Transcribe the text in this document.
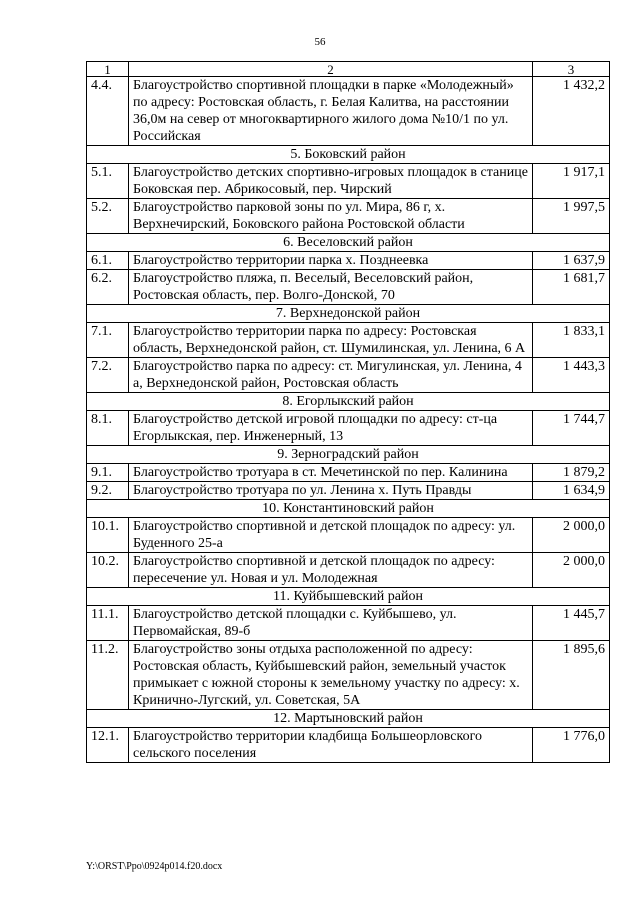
56
1	2	3
4.4.	Благоустройство спортивной площадки в парке «Молодежный» по адресу: Ростовская область, г. Белая Калитва, на расстоянии 36,0м на север от многоквартирного жилого дома №10/1 по ул. Российская	1 432,2
5. Боковский район		
5.1.	Благоустройство детских спортивно-игровых площадок в станице Боковская пер. Абрикосовый, пер. Чирский	1 917,1
5.2.	Благоустройство парковой зоны по ул. Мира, 86 г, х. Верхнечирский, Боковского района Ростовской области	1 997,5
6. Веселовский район		
6.1.	Благоустройство территории парка х. Позднеевка	1 637,9
6.2.	Благоустройство пляжа, п. Веселый, Веселовский район, Ростовская область, пер. Волго-Донской, 70	1 681,7
7. Верхнедонской район		
7.1.	Благоустройство территории парка по адресу: Ростовская область, Верхнедонской район, ст. Шумилинская, ул. Ленина, 6 А	1 833,1
7.2.	Благоустройство парка по адресу: ст. Мигулинская, ул. Ленина, 4 а, Верхнедонской район, Ростовская область	1 443,3
8. Егорлыкский район		
8.1.	Благоустройство детской игровой площадки по адресу: ст-ца Егорлыкская, пер. Инженерный, 13	1 744,7
9. Зерноградский район		
9.1.	Благоустройство тротуара в ст. Мечетинской по пер. Калинина	1 879,2
9.2.	Благоустройство тротуара по ул. Ленина х. Путь Правды	1 634,9
10. Константиновский район		
10.1.	Благоустройство спортивной и детской площадок по адресу: ул. Буденного 25-а	2 000,0
10.2.	Благоустройство спортивной и детской площадок по адресу: пересечение ул. Новая и ул. Молодежная	2 000,0
11. Куйбышевский район		
11.1.	Благоустройство детской площадки с. Куйбышево, ул. Первомайская, 89-б	1 445,7
11.2.	Благоустройство зоны отдыха расположенной по адресу: Ростовская область, Куйбышевский район, земельный участок примыкает с южной стороны к земельному участку по адресу: х. Кринично-Лугский, ул. Советская, 5А	1 895,6
12. Мартыновский район		
12.1.	Благоустройство территории кладбища Большеорловского сельского поселения	1 776,0
Y:\ORST\Ppo\0924p014.f20.docx
